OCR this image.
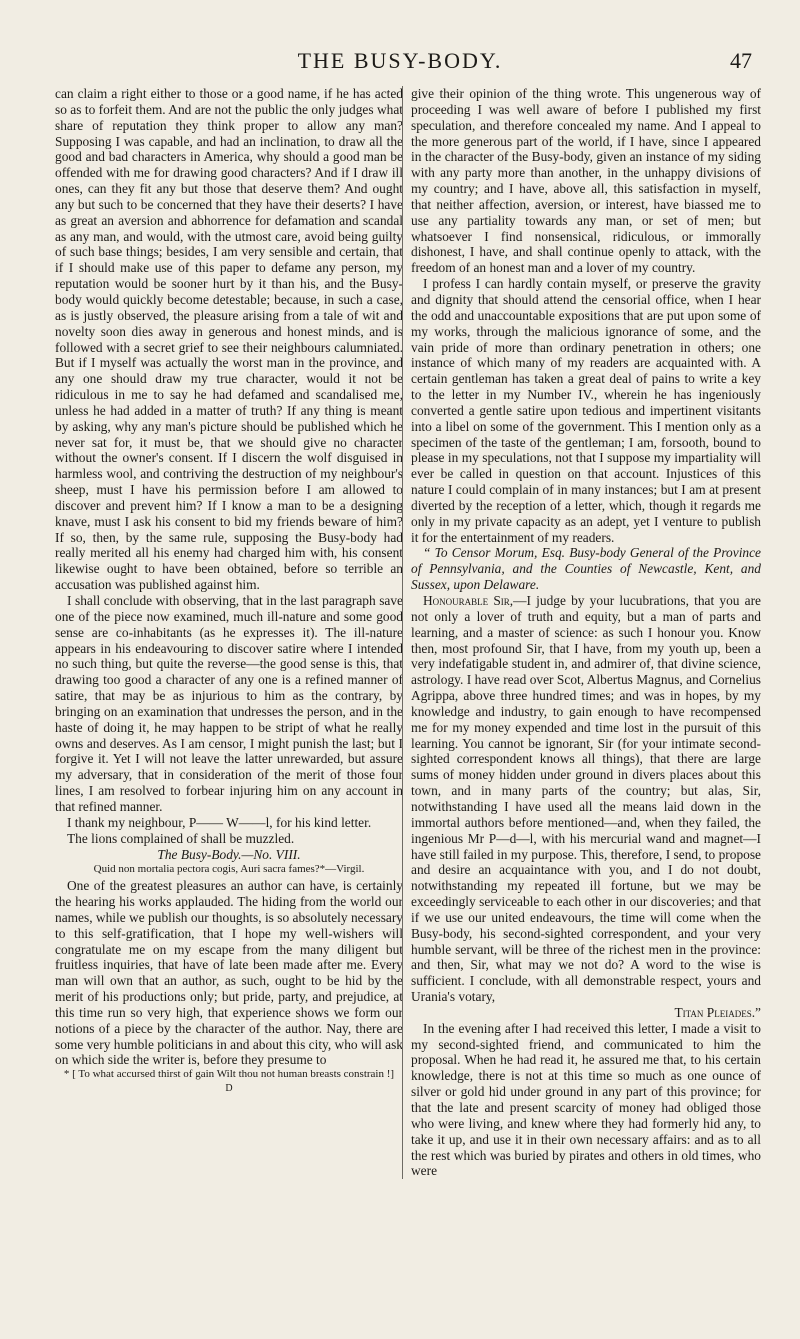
THE BUSY-BODY.	47

can claim a right either to those or a good name, if he has acted so as to forfeit them. And are not the public the only judges what share of reputation they think proper to allow any man? Supposing I was capable, and had an inclination, to draw all the good and bad characters in America, why should a good man be offended with me for drawing good characters? And if I draw ill ones, can they fit any but those that deserve them? And ought any but such to be concerned that they have their deserts? I have as great an aversion and abhorrence for defamation and scandal as any man, and would, with the utmost care, avoid being guilty of such base things; besides, I am very sensible and certain, that if I should make use of this paper to defame any person, my reputation would be sooner hurt by it than his, and the Busy-body would quickly become detestable; because, in such a case, as is justly observed, the pleasure arising from a tale of wit and novelty soon dies away in generous and honest minds, and is followed with a secret grief to see their neighbours calumniated. But if I myself was actually the worst man in the province, and any one should draw my true character, would it not be ridiculous in me to say he had defamed and scandalised me, unless he had added in a matter of truth? If any thing is meant by asking, why any man's picture should be published which he never sat for, it must be, that we should give no character without the owner's consent. If I discern the wolf disguised in harmless wool, and contriving the destruction of my neighbour's sheep, must I have his permission before I am allowed to discover and prevent him? If I know a man to be a designing knave, must I ask his consent to bid my friends beware of him? If so, then, by the same rule, supposing the Busy-body had really merited all his enemy had charged him with, his consent likewise ought to have been obtained, before so terrible an accusation was published against him.

I shall conclude with observing, that in the last paragraph save one of the piece now examined, much ill-nature and some good sense are co-inhabitants (as he expresses it). The ill-nature appears in his endeavouring to discover satire where I intended no such thing, but quite the reverse—the good sense is this, that drawing too good a character of any one is a refined manner of satire, that may be as injurious to him as the contrary, by bringing on an examination that undresses the person, and in the haste of doing it, he may happen to be stript of what he really owns and deserves. As I am censor, I might punish the last; but I forgive it. Yet I will not leave the latter unrewarded, but assure my adversary, that in consideration of the merit of those four lines, I am resolved to forbear injuring him on any account in that refined manner.

I thank my neighbour, P—— W——l, for his kind letter.

The lions complained of shall be muzzled.

The Busy-Body.—No. VIII.

Quid non mortalia pectora cogis, Auri sacra fames?*—Virgil.

One of the greatest pleasures an author can have, is certainly the hearing his works applauded. The hiding from the world our names, while we publish our thoughts, is so absolutely necessary to this self-gratification, that I hope my well-wishers will congratulate me on my escape from the many diligent but fruitless inquiries, that have of late been made after me. Every man will own that an author, as such, ought to be hid by the merit of his productions only; but pride, party, and prejudice, at this time run so very high, that experience shows we form our notions of a piece by the character of the author. Nay, there are some very humble politicians in and about this city, who will ask on which side the writer is, before they presume to

* [ To what accursed thirst of gain Wilt thou not human breasts constrain !]

D

give their opinion of the thing wrote. This ungenerous way of proceeding I was well aware of before I published my first speculation, and therefore concealed my name. And I appeal to the more generous part of the world, if I have, since I appeared in the character of the Busy-body, given an instance of my siding with any party more than another, in the unhappy divisions of my country; and I have, above all, this satisfaction in myself, that neither affection, aversion, or interest, have biassed me to use any partiality towards any man, or set of men; but whatsoever I find nonsensical, ridiculous, or immorally dishonest, I have, and shall continue openly to attack, with the freedom of an honest man and a lover of my country.

I profess I can hardly contain myself, or preserve the gravity and dignity that should attend the censorial office, when I hear the odd and unaccountable expositions that are put upon some of my works, through the malicious ignorance of some, and the vain pride of more than ordinary penetration in others; one instance of which many of my readers are acquainted with. A certain gentleman has taken a great deal of pains to write a key to the letter in my Number IV., wherein he has ingeniously converted a gentle satire upon tedious and impertinent visitants into a libel on some of the government. This I mention only as a specimen of the taste of the gentleman; I am, forsooth, bound to please in my speculations, not that I suppose my impartiality will ever be called in question on that account. Injustices of this nature I could complain of in many instances; but I am at present diverted by the reception of a letter, which, though it regards me only in my private capacity as an adept, yet I venture to publish it for the entertainment of my readers.

“ To Censor Morum, Esq. Busy-body General of the Province of Pennsylvania, and the Counties of Newcastle, Kent, and Sussex, upon Delaware.

Honourable Sir,—I judge by your lucubrations, that you are not only a lover of truth and equity, but a man of parts and learning, and a master of science: as such I honour you. Know then, most profound Sir, that I have, from my youth up, been a very indefatigable student in, and admirer of, that divine science, astrology. I have read over Scot, Albertus Magnus, and Cornelius Agrippa, above three hundred times; and was in hopes, by my knowledge and industry, to gain enough to have recompensed me for my money expended and time lost in the pursuit of this learning. You cannot be ignorant, Sir (for your intimate second-sighted correspondent knows all things), that there are large sums of money hidden under ground in divers places about this town, and in many parts of the country; but alas, Sir, notwithstanding I have used all the means laid down in the immortal authors before mentioned—and, when they failed, the ingenious Mr P—d—l, with his mercurial wand and magnet—I have still failed in my purpose. This, therefore, I send, to propose and desire an acquaintance with you, and I do not doubt, notwithstanding my repeated ill fortune, but we may be exceedingly serviceable to each other in our discoveries; and that if we use our united endeavours, the time will come when the Busy-body, his second-sighted correspondent, and your very humble servant, will be three of the richest men in the province: and then, Sir, what may we not do? A word to the wise is sufficient. I conclude, with all demonstrable respect, yours and Urania's votary,

Titan Pleiades.”

In the evening after I had received this letter, I made a visit to my second-sighted friend, and communicated to him the proposal. When he had read it, he assured me that, to his certain knowledge, there is not at this time so much as one ounce of silver or gold hid under ground in any part of this province; for that the late and present scarcity of money had obliged those who were living, and knew where they had formerly hid any, to take it up, and use it in their own necessary affairs: and as to all the rest which was buried by pirates and others in old times, who were
